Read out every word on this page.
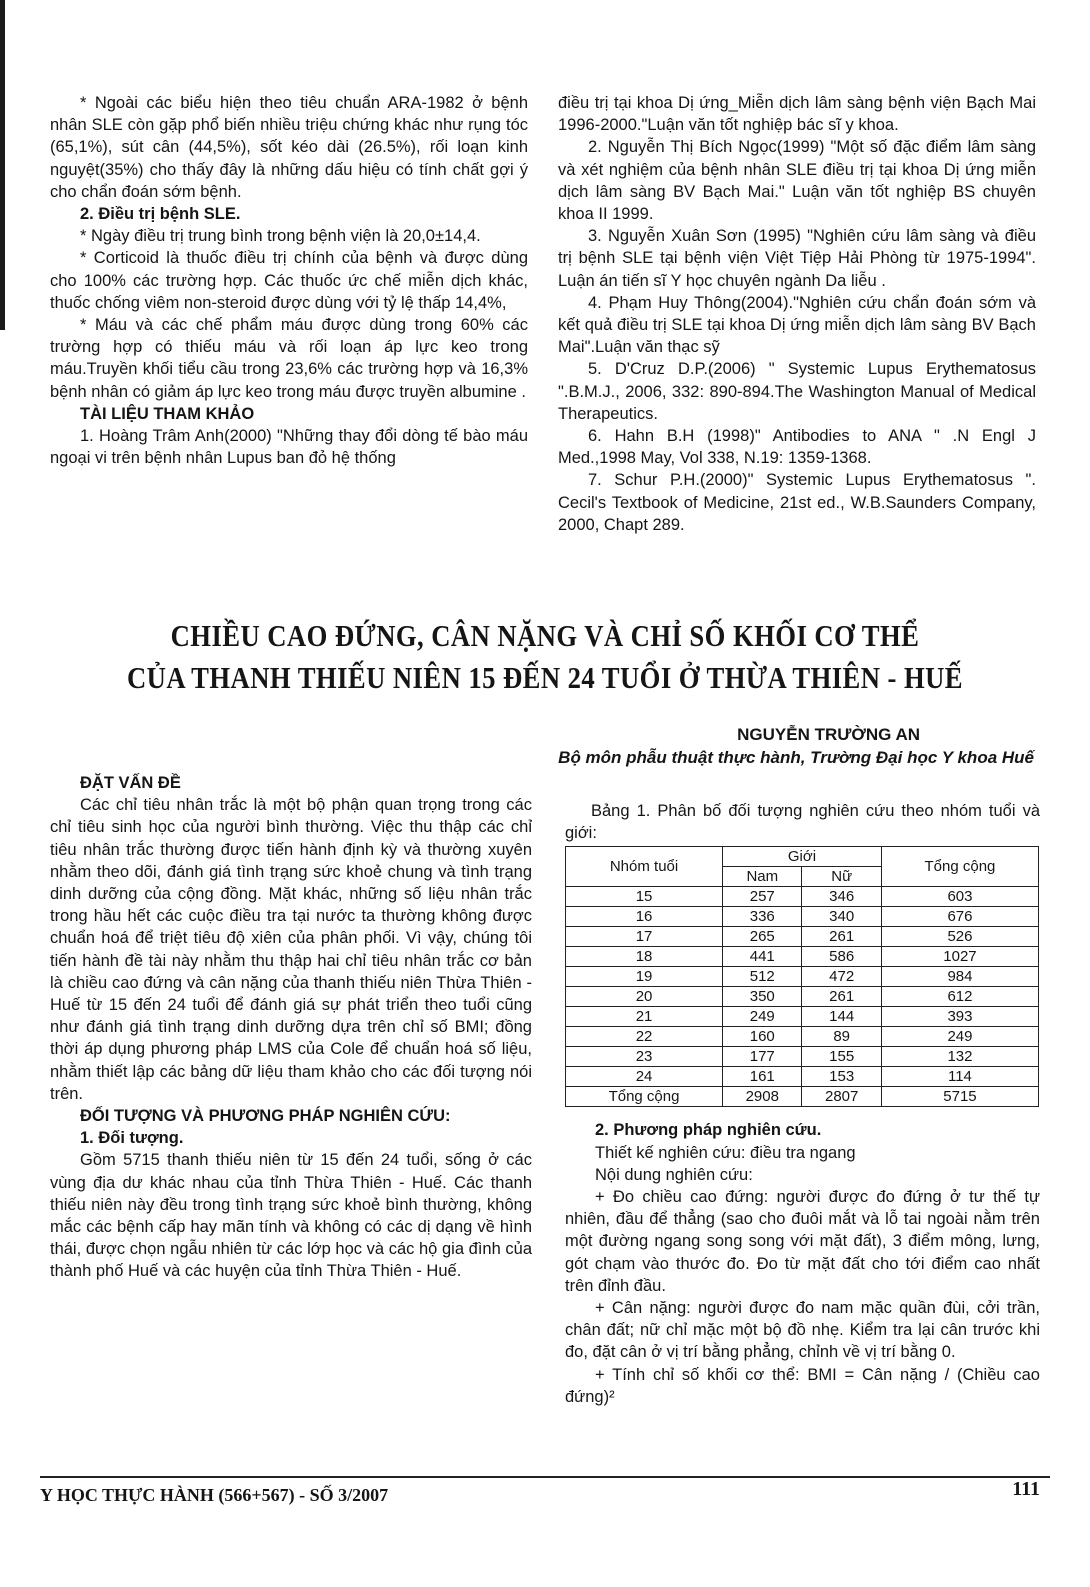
* Ngoài các biểu hiện theo tiêu chuẩn ARA-1982 ở bệnh nhân SLE còn gặp phổ biến nhiều triệu chứng khác như rụng tóc (65,1%), sút cân (44,5%), sốt kéo dài (26.5%), rối loạn kinh nguyệt(35%) cho thấy đây là những dấu hiệu có tính chất gợi ý cho chẩn đoán sớm bệnh.

2. Điều trị bệnh SLE.

* Ngày điều trị trung bình trong bệnh viện là 20,0±14,4.

* Corticoid là thuốc điều trị chính của bệnh và được dùng cho 100% các trường hợp. Các thuốc ức chế miễn dịch khác, thuốc chống viêm non-steroid được dùng với tỷ lệ thấp 14,4%,

* Máu và các chế phẩm máu được dùng trong 60% các trường hợp có thiếu máu và rối loạn áp lực keo trong máu.Truyền khối tiểu cầu trong 23,6% các trường hợp và 16,3% bệnh nhân có giảm áp lực keo trong máu được truyền albumine .

TÀI LIỆU THAM KHẢO

1. Hoàng Trâm Anh(2000) "Những thay đổi dòng tế bào máu ngoại vi trên bệnh nhân Lupus ban đỏ hệ thống

điều trị tại khoa Dị ứng_Miễn dịch lâm sàng bệnh viện Bạch Mai 1996-2000."Luận văn tốt nghiệp bác sĩ y khoa.

2. Nguyễn Thị Bích Ngọc(1999) "Một số đặc điểm lâm sàng và xét nghiệm của bệnh nhân SLE điều trị tại khoa Dị ứng miễn dịch lâm sàng BV Bạch Mai." Luận văn tốt nghiệp BS chuyên khoa II 1999.

3. Nguyễn Xuân Sơn (1995) "Nghiên cứu lâm sàng và điều trị bệnh SLE tại bệnh viện Việt Tiệp Hải Phòng từ 1975-1994". Luận án tiến sĩ Y học chuyên ngành Da liễu .

4. Phạm Huy Thông(2004)."Nghiên cứu chẩn đoán sớm và kết quả điều trị SLE tại khoa Dị ứng miễn dịch lâm sàng BV Bạch Mai".Luận văn thạc sỹ

5. D'Cruz D.P.(2006) " Systemic Lupus Erythematosus ".B.M.J., 2006, 332: 890-894.The Washington Manual of Medical Therapeutics.

6. Hahn B.H (1998)" Antibodies to ANA " .N Engl J Med.,1998 May, Vol 338, N.19: 1359-1368.

7. Schur P.H.(2000)" Systemic Lupus Erythematosus ". Cecil's Textbook of Medicine, 21st ed., W.B.Saunders Company, 2000, Chapt 289.

CHIỀU CAO ĐỨNG, CÂN NẶNG VÀ CHỈ SỐ KHỐI CƠ THỂ
CỦA THANH THIẾU NIÊN 15 ĐẾN 24 TUỔI Ở THỪA THIÊN - HUẾ
NGUYỄN TRƯỜNG AN
Bộ môn phẫu thuật thực hành, Trường Đại học Y khoa Huế

ĐẶT VẤN ĐỀ

Các chỉ tiêu nhân trắc là một bộ phận quan trọng trong các chỉ tiêu sinh học của người bình thường. Việc thu thập các chỉ tiêu nhân trắc thường được tiến hành định kỳ và thường xuyên nhằm theo dõi, đánh giá tình trạng sức khoẻ chung và tình trạng dinh dưỡng của cộng đồng. Mặt khác, những số liệu nhân trắc trong hầu hết các cuộc điều tra tại nước ta thường không được chuẩn hoá để triệt tiêu độ xiên của phân phối. Vì vậy, chúng tôi tiến hành đề tài này nhằm thu thập hai chỉ tiêu nhân trắc cơ bản là chiều cao đứng và cân nặng của thanh thiếu niên Thừa Thiên - Huế từ 15 đến 24 tuổi để đánh giá sự phát triển theo tuổi cũng như đánh giá tình trạng dinh dưỡng dựa trên chỉ số BMI; đồng thời áp dụng phương pháp LMS của Cole để chuẩn hoá số liệu, nhằm thiết lập các bảng dữ liệu tham khảo cho các đối tượng nói trên.

ĐỐI TƯỢNG VÀ PHƯƠNG PHÁP NGHIÊN CỨU:

1. Đối tượng.

Gồm 5715 thanh thiếu niên từ 15 đến 24 tuổi, sống ở các vùng địa dư khác nhau của tỉnh Thừa Thiên - Huế. Các thanh thiếu niên này đều trong tình trạng sức khoẻ bình thường, không mắc các bệnh cấp hay mãn tính và không có các dị dạng về hình thái, được chọn ngẫu nhiên từ các lớp học và các hộ gia đình của thành phố Huế và các huyện của tỉnh Thừa Thiên - Huế.

Bảng 1. Phân bố đối tượng nghiên cứu theo nhóm tuổi và giới:

Nhóm tuổi	Giới		Tổng cộng
	Nam	Nữ	
15	257	346	603
16	336	340	676
17	265	261	526
18	441	586	1027
19	512	472	984
20	350	261	612
21	249	144	393
22	160	89	249
23	177	155	132
24	161	153	114
Tổng cộng	2908	2807	5715

2. Phương pháp nghiên cứu.

Thiết kế nghiên cứu: điều tra ngang

Nội dung nghiên cứu:

+ Đo chiều cao đứng: người được đo đứng ở tư thế tự nhiên, đầu để thẳng (sao cho đuôi mắt và lỗ tai ngoài nằm trên một đường ngang song song với mặt đất), 3 điểm mông, lưng, gót chạm vào thước đo. Đo từ mặt đất cho tới điểm cao nhất trên đỉnh đầu.

+ Cân nặng: người được đo nam mặc quần đùi, cởi trần, chân đất; nữ chỉ mặc một bộ đồ nhẹ. Kiểm tra lại cân trước khi đo, đặt cân ở vị trí bằng phẳng, chỉnh về vị trí bằng 0.

+ Tính chỉ số khối cơ thể: BMI = Cân nặng / (Chiều cao đứng)²

Y HỌC THỰC HÀNH (566+567) - SỐ 3/2007	111
